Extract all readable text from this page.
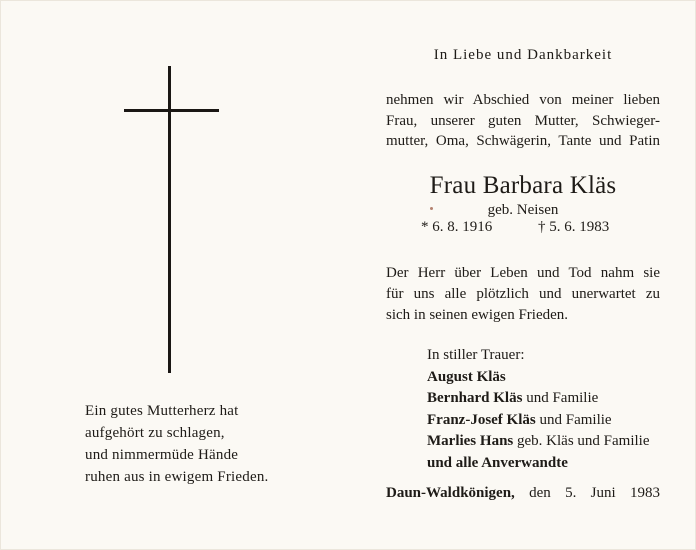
Ein gutes Mutterherz hat
aufgehört zu schlagen,
und nimmermüde Hände
ruhen aus in ewigem Frieden.
In Liebe und Dankbarkeit
nehmen wir Abschied von meiner lieben
Frau, unserer guten Mutter, Schwieger-
mutter, Oma, Schwägerin, Tante und Patin
Frau Barbara Kläs
geb. Neisen
* 6. 8. 1916	† 5. 6. 1983
Der Herr über Leben und Tod nahm sie
für uns alle plötzlich und unerwartet zu
sich in seinen ewigen Frieden.
In stiller Trauer:
August Kläs
Bernhard Kläs und Familie
Franz-Josef Kläs und Familie
Marlies Hans geb. Kläs und Familie
und alle Anverwandte
Daun-Waldkönigen, den 5. Juni 1983
